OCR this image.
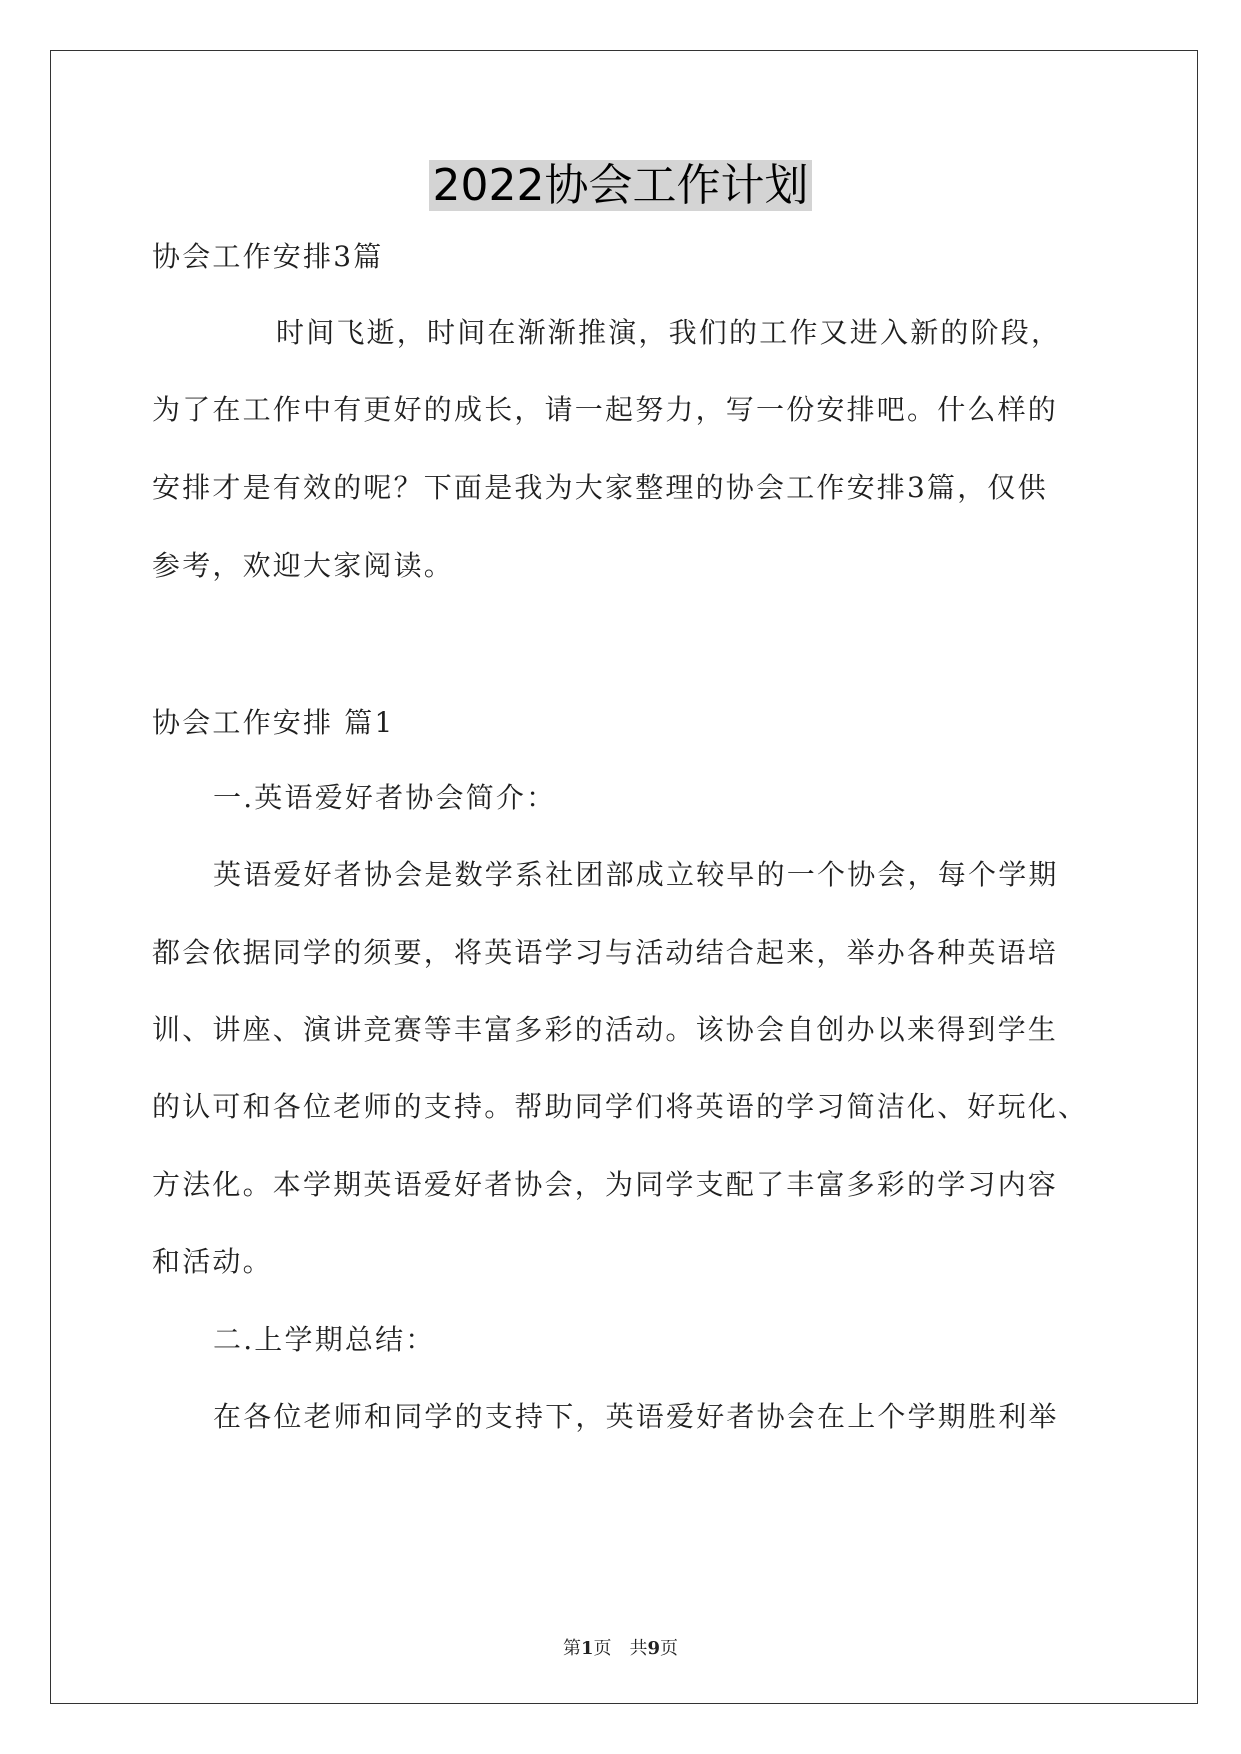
2022协会工作计划
协会工作安排3篇
时间飞逝，时间在渐渐推演，我们的工作又进入新的阶段，
为了在工作中有更好的成长，请一起努力，写一份安排吧。什么样的
安排才是有效的呢？下面是我为大家整理的协会工作安排3篇，仅供
参考，欢迎大家阅读。
协会工作安排 篇1
一.英语爱好者协会简介：
英语爱好者协会是数学系社团部成立较早的一个协会，每个学期
都会依据同学的须要，将英语学习与活动结合起来，举办各种英语培
训、讲座、演讲竞赛等丰富多彩的活动。该协会自创办以来得到学生
的认可和各位老师的支持。帮助同学们将英语的学习简洁化、好玩化、
方法化。本学期英语爱好者协会，为同学支配了丰富多彩的学习内容
和活动。
二.上学期总结：
在各位老师和同学的支持下，英语爱好者协会在上个学期胜利举
第1页　共9页
